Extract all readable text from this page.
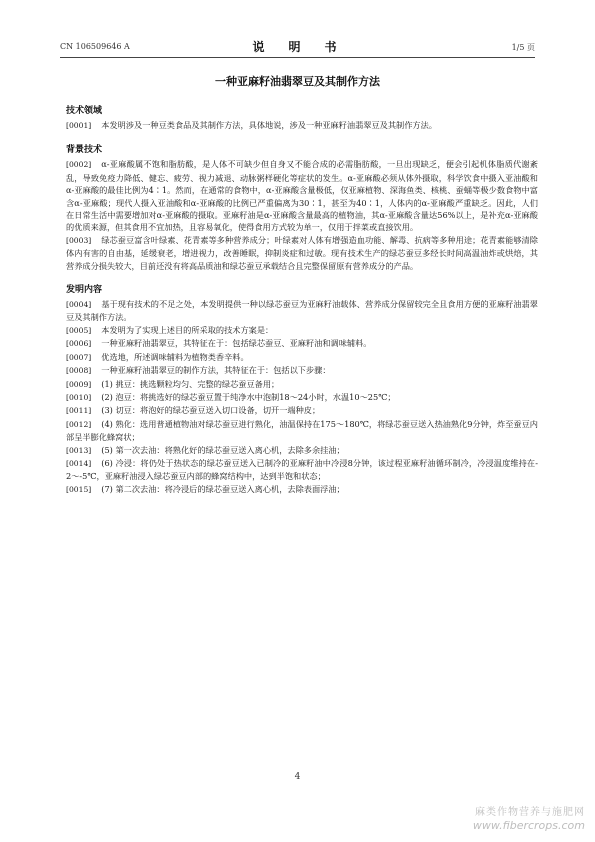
CN 106509646 A	说　明　书	1/5 页
一种亚麻籽油翡翠豆及其制作方法
技术领域
[0001] 本发明涉及一种豆类食品及其制作方法，具体地说，涉及一种亚麻籽油翡翠豆及其制作方法。
背景技术
[0002] α-亚麻酸属不饱和脂肪酸，是人体不可缺少但自身又不能合成的必需脂肪酸，一旦出现缺乏，便会引起机体脂质代谢紊乱，导致免疫力降低、健忘、疲劳、视力减退、动脉粥样硬化等症状的发生。α-亚麻酸必须从体外摄取，科学饮食中摄入亚油酸和α-亚麻酸的最佳比例为4∶1。然而，在通常的食物中，α-亚麻酸含量极低，仅亚麻植物、深海鱼类、核桃、蚕蛹等极少数食物中富含α-亚麻酸；现代人摄入亚油酸和α-亚麻酸的比例已严重偏离为30∶1，甚至为40∶1，人体内的α-亚麻酸严重缺乏。因此，人们在日常生活中需要增加对α-亚麻酸的摄取。亚麻籽油是α-亚麻酸含量最高的植物油，其α-亚麻酸含量达56%以上，是补充α-亚麻酸的优质来源，但其食用不宜加热，且容易氧化，使得食用方式较为单一，仅用于拌菜或直接饮用。
[0003] 绿芯蚕豆富含叶绿素、花青素等多种营养成分；叶绿素对人体有增强造血功能、解毒、抗病等多种用途；花青素能够清除体内有害的自由基，延缓衰老，增进视力，改善睡眠，抑制炎症和过敏。现有技术生产的绿芯蚕豆多经长时间高温油炸或烘焙，其营养成分损失较大，目前还没有将高品质油和绿芯蚕豆承载结合且完整保留原有营养成分的产品。
发明内容
[0004] 基于现有技术的不足之处，本发明提供一种以绿芯蚕豆为亚麻籽油载体、营养成分保留较完全且食用方便的亚麻籽油翡翠豆及其制作方法。
[0005] 本发明为了实现上述目的所采取的技术方案是：
[0006] 一种亚麻籽油翡翠豆，其特征在于：包括绿芯蚕豆、亚麻籽油和调味辅料。
[0007] 优选地，所述调味辅料为植物类香辛料。
[0008] 一种亚麻籽油翡翠豆的制作方法，其特征在于：包括以下步骤：
[0009] (1) 挑豆：挑选颗粒均匀、完整的绿芯蚕豆备用；
[0010] (2) 泡豆：将挑选好的绿芯蚕豆置于纯净水中泡制18～24小时，水温10～25℃；
[0011] (3) 切豆：将泡好的绿芯蚕豆送入切口设备，切开一端种皮；
[0012] (4) 熟化：选用普通植物油对绿芯蚕豆进行熟化，油温保持在175～180℃，将绿芯蚕豆送入热油熟化9分钟，炸至蚕豆内部呈半膨化蜂窝状；
[0013] (5) 第一次去油：将熟化好的绿芯蚕豆送入离心机，去除多余挂油；
[0014] (6) 冷浸：将仍处于热状态的绿芯蚕豆送入已制冷的亚麻籽油中冷浸8分钟，该过程亚麻籽油循环制冷，冷浸温度维持在-2～-5℃，亚麻籽油浸入绿芯蚕豆内部的蜂窝结构中，达到半饱和状态；
[0015] (7) 第二次去油：将冷浸后的绿芯蚕豆送入离心机，去除表面浮油；
4
麻类作物营养与施肥网
www.fibercrops.com
